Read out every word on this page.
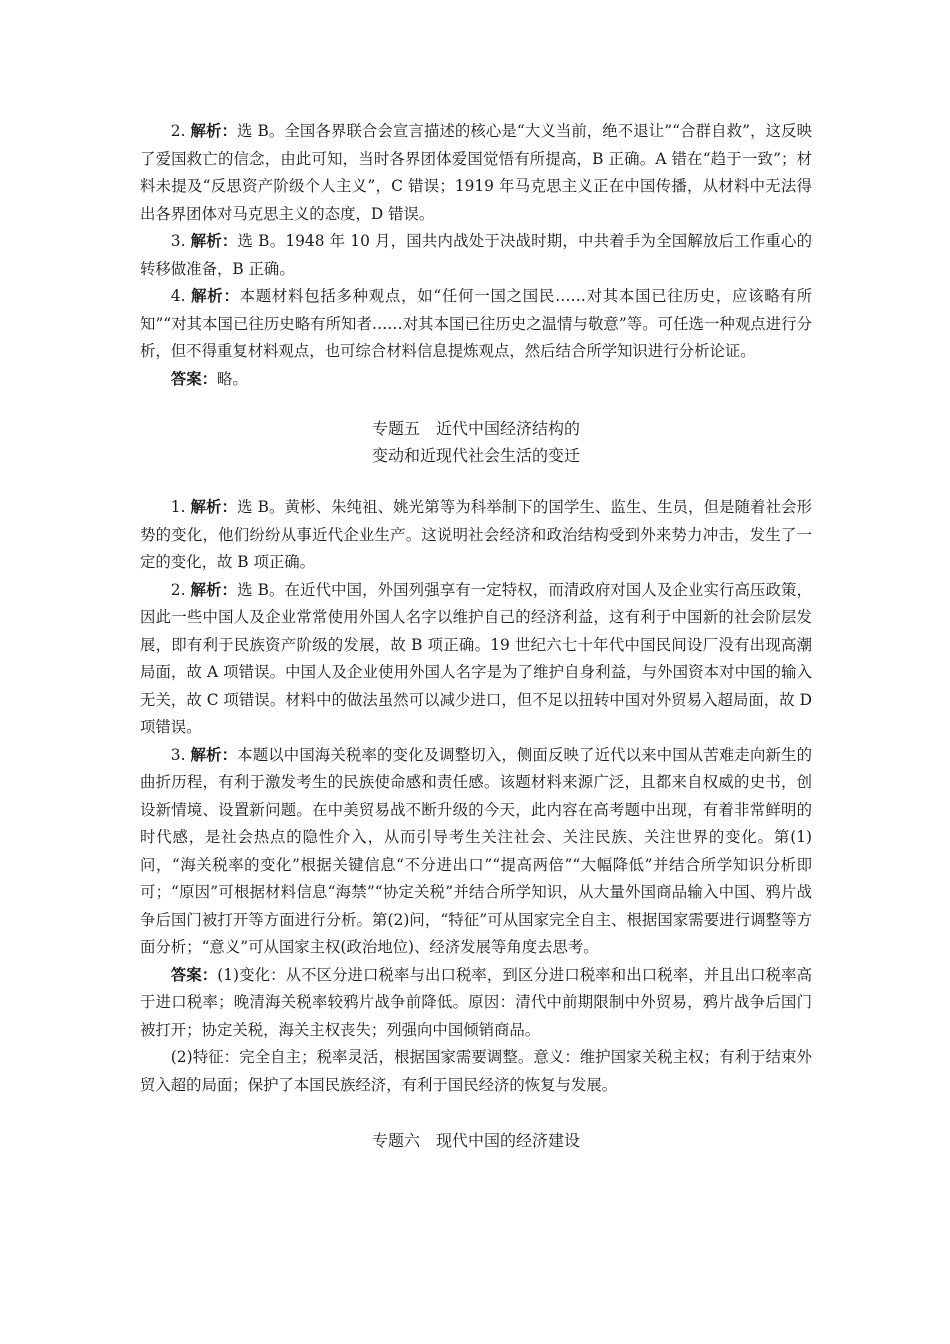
2. 解析：选 B。全国各界联合会宣言描述的核心是“大义当前，绝不退让”“合群自救”，这反映了爱国救亡的信念，由此可知，当时各界团体爱国觉悟有所提高，B 正确。A 错在“趋于一致”；材料未提及“反思资产阶级个人主义”，C 错误；1919 年马克思主义正在中国传播，从材料中无法得出各界团体对马克思主义的态度，D 错误。

3. 解析：选 B。1948 年 10 月，国共内战处于决战时期，中共着手为全国解放后工作重心的转移做准备，B 正确。

4. 解析：本题材料包括多种观点，如“任何一国之国民……对其本国已往历史，应该略有所知”“对其本国已往历史略有所知者……对其本国已往历史之温情与敬意”等。可任选一种观点进行分析，但不得重复材料观点，也可综合材料信息提炼观点，然后结合所学知识进行分析论证。

答案：略。

专题五　近代中国经济结构的

变动和近现代社会生活的变迁

1. 解析：选 B。黄彬、朱纯祖、姚光第等为科举制下的国学生、监生、生员，但是随着社会形势的变化，他们纷纷从事近代企业生产。这说明社会经济和政治结构受到外来势力冲击，发生了一定的变化，故 B 项正确。

2. 解析：选 B。在近代中国，外国列强享有一定特权，而清政府对国人及企业实行高压政策，因此一些中国人及企业常常使用外国人名字以维护自己的经济利益，这有利于中国新的社会阶层发展，即有利于民族资产阶级的发展，故 B 项正确。19 世纪六七十年代中国民间设厂没有出现高潮局面，故 A 项错误。中国人及企业使用外国人名字是为了维护自身利益，与外国资本对中国的输入无关，故 C 项错误。材料中的做法虽然可以减少进口，但不足以扭转中国对外贸易入超局面，故 D 项错误。

3. 解析：本题以中国海关税率的变化及调整切入，侧面反映了近代以来中国从苦难走向新生的曲折历程，有利于激发考生的民族使命感和责任感。该题材料来源广泛，且都来自权威的史书，创设新情境、设置新问题。在中美贸易战不断升级的今天，此内容在高考题中出现，有着非常鲜明的时代感，是社会热点的隐性介入，从而引导考生关注社会、关注民族、关注世界的变化。第(1)问，“海关税率的变化”根据关键信息“不分进出口”“提高两倍”“大幅降低”并结合所学知识分析即可；“原因”可根据材料信息“海禁”“协定关税”并结合所学知识，从大量外国商品输入中国、鸦片战争后国门被打开等方面进行分析。第(2)问，“特征”可从国家完全自主、根据国家需要进行调整等方面分析；“意义”可从国家主权(政治地位)、经济发展等角度去思考。

答案：(1)变化：从不区分进口税率与出口税率，到区分进口税率和出口税率，并且出口税率高于进口税率；晚清海关税率较鸦片战争前降低。原因：清代中前期限制中外贸易，鸦片战争后国门被打开；协定关税，海关主权丧失；列强向中国倾销商品。

(2)特征：完全自主；税率灵活，根据国家需要调整。意义：维护国家关税主权；有利于结束外贸入超的局面；保护了本国民族经济，有利于国民经济的恢复与发展。

专题六　现代中国的经济建设
